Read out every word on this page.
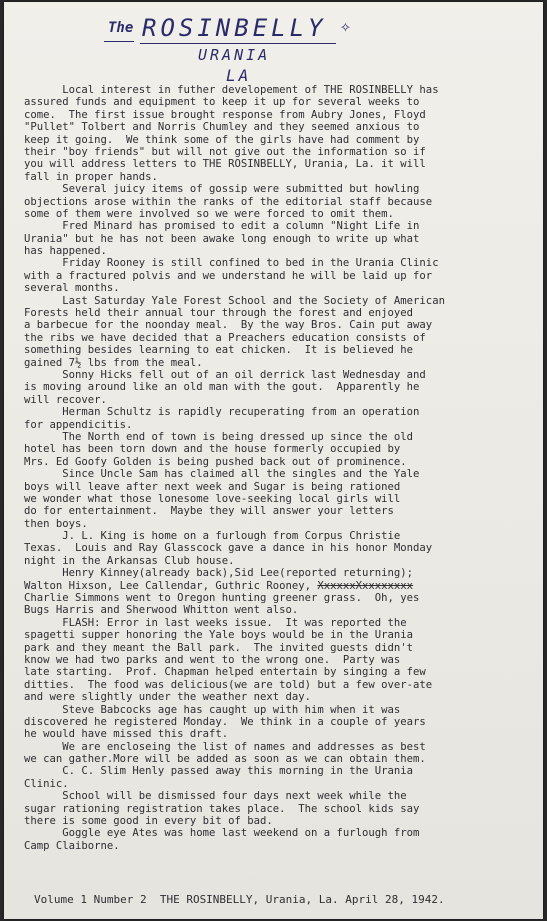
The ROSINBELLY ✧
URANIA
LA
Local interest in futher developement of THE ROSINBELLY has
assured funds and equipment to keep it up for several weeks to
come.  The first issue brought response from Aubry Jones, Floyd
"Pullet" Tolbert and Norris Chumley and they seemed anxious to
keep it going.  We think some of the girls have had comment by
their "boy friends" but will not give out the information so if
you will address letters to THE ROSINBELLY, Urania, La. it will
fall in proper hands.
Several juicy items of gossip were submitted but howling
objections arose within the ranks of the editorial staff because
some of them were involved so we were forced to omit them.
Fred Minard has promised to edit a column "Night Life in
Urania" but he has not been awake long enough to write up what
has happened.
Friday Rooney is still confined to bed in the Urania Clinic
with a fractured polvis and we understand he will be laid up for
several months.
Last Saturday Yale Forest School and the Society of American
Forests held their annual tour through the forest and enjoyed
a barbecue for the noonday meal.  By the way Bros. Cain put away
the ribs we have decided that a Preachers education consists of
something besides learning to eat chicken.  It is believed he
gained 7½ lbs from the meal.
Sonny Hicks fell out of an oil derrick last Wednesday and
is moving around like an old man with the gout.  Apparently he
will recover.
Herman Schultz is rapidly recuperating from an operation
for appendicitis.
The North end of town is being dressed up since the old
hotel has been torn down and the house formerly occupied by
Mrs. Ed Goofy Golden is being pushed back out of prominence.
Since Uncle Sam has claimed all the singles and the Yale
boys will leave after next week and Sugar is being rationed
we wonder what those lonesome love-seeking local girls will
do for entertainment.  Maybe they will answer your letters
then boys.
J. L. King is home on a furlough from Corpus Christie
Texas.  Louis and Ray Glasscock gave a dance in his honor Monday
night in the Arkansas Club house.
Henry Kinney(already back),Sid Lee(reported returning);
Walton Hixson, Lee Callendar, Guthric Rooney, XxxxxxXxxxxxxxx
Charlie Simmons went to Oregon hunting greener grass.  Oh, yes
Bugs Harris and Sherwood Whitton went also.
FLASH: Error in last weeks issue.  It was reported the
spagetti supper honoring the Yale boys would be in the Urania
park and they meant the Ball park.  The invited guests didn't
know we had two parks and went to the wrong one.  Party was
late starting.  Prof. Chapman helped entertain by singing a few
ditties.  The food was delicious(we are told) but a few over-ate
and were slightly under the weather next day.
Steve Babcocks age has caught up with him when it was
discovered he registered Monday.  We think in a couple of years
he would have missed this draft.
We are encloseing the list of names and addresses as best
we can gather.More will be added as soon as we can obtain them.
C. C. Slim Henly passed away this morning in the Urania
Clinic.
School will be dismissed four days next week while the
sugar rationing registration takes place.  The school kids say
there is some good in every bit of bad.
Goggle eye Ates was home last weekend on a furlough from
Camp Claiborne.
Volume 1 Number 2  THE ROSINBELLY, Urania, La. April 28, 1942.
